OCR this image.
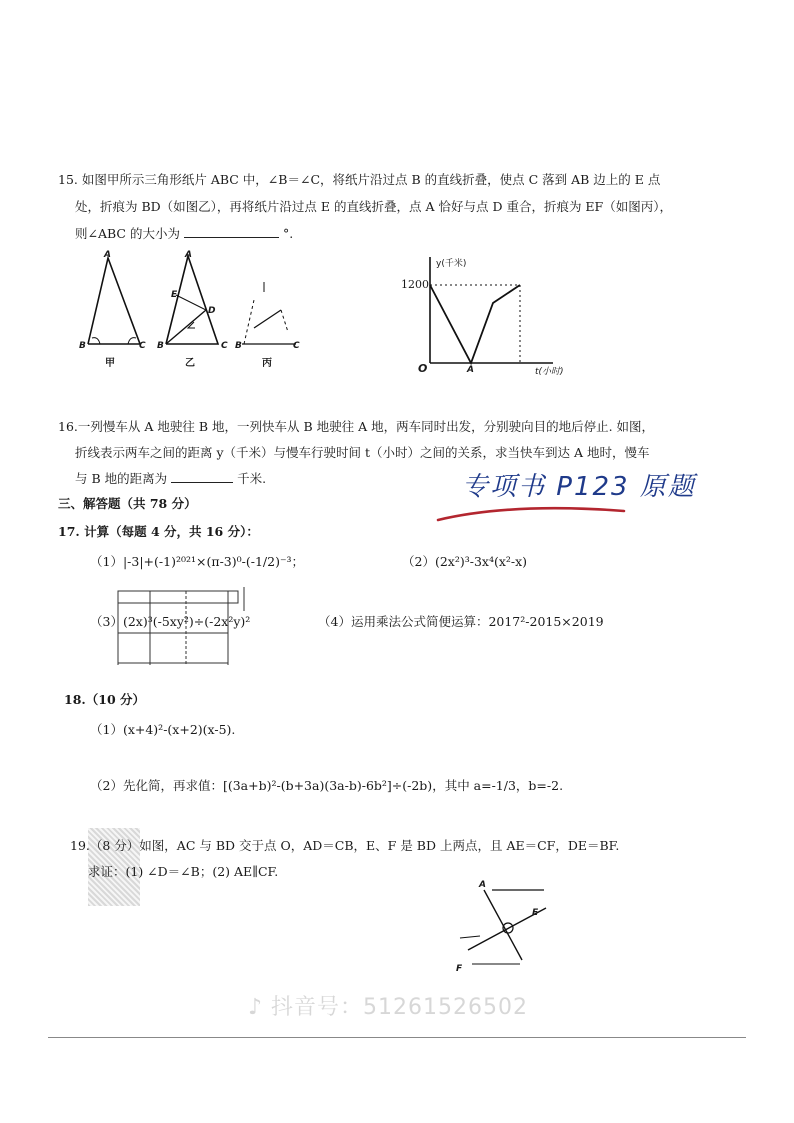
15. 如图甲所示三角形纸片 ABC 中，∠B＝∠C，将纸片沿过点 B 的直线折叠，使点 C 落到 AB 边上的 E 点
处，折痕为 BD（如图乙），再将纸片沿过点 E 的直线折叠，点 A 恰好与点 D 重合，折痕为 EF（如图丙），
则∠ABC 的大小为	°.
A
B	C
A
E
D
B	C B	C
甲	乙	丙
y(千米)
1200
O	A	t(小时)
16.一列慢车从 A 地驶往 B 地，一列快车从 B 地驶往 A 地，两车同时出发，分别驶向目的地后停止. 如图，
折线表示两车之间的距离 y（千米）与慢车行驶时间 t（小时）之间的关系，求当快车到达 A 地时，慢车
与 B 地的距离为	千米.	专项书 P123 原题
三、解答题（共 78 分）
17. 计算（每题 4 分，共 16 分）：
（1）|-3|+(-1)²⁰²¹×(π-3)⁰-(-1/2)⁻³；	（2）(2x²)³-3x⁴(x²-x)
（3）(2x)³(-5xy²)÷(-2x²y)²	（4）运用乘法公式简便运算：2017²-2015×2019
18.（10 分）
（1）(x+4)²-(x+2)(x-5).
（2）先化简，再求值：[(3a+b)²-(b+3a)(3a-b)-6b²]÷(-2b)，其中 a=-1/3，b=-2.
19.（8 分）如图，AC 与 BD 交于点 O，AD＝CB，E、F 是 BD 上两点，且 AE＝CF，DE＝BF.
求证：(1) ∠D＝∠B；(2) AE∥CF.
A
E
F
♪ 抖音号：51261526502
